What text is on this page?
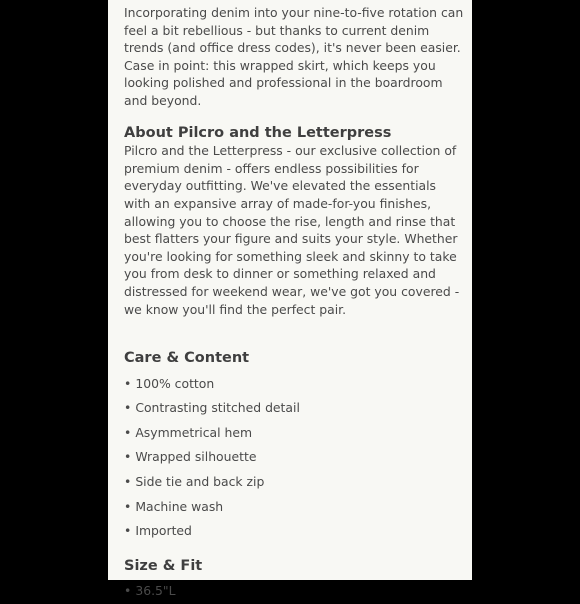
Incorporating denim into your nine-to-five rotation can feel a bit rebellious - but thanks to current denim trends (and office dress codes), it's never been easier. Case in point: this wrapped skirt, which keeps you looking polished and professional in the boardroom and beyond.

About Pilcro and the Letterpress

Pilcro and the Letterpress - our exclusive collection of premium denim - offers endless possibilities for everyday outfitting. We've elevated the essentials with an expansive array of made-for-you finishes, allowing you to choose the rise, length and rinse that best flatters your figure and suits your style. Whether you're looking for something sleek and skinny to take you from desk to dinner or something relaxed and distressed for weekend wear, we've got you covered - we know you'll find the perfect pair.

Care & Content
• 100% cotton
• Contrasting stitched detail
• Asymmetrical hem
• Wrapped silhouette
• Side tie and back zip
• Machine wash
• Imported
Size & Fit
• 36.5"L
